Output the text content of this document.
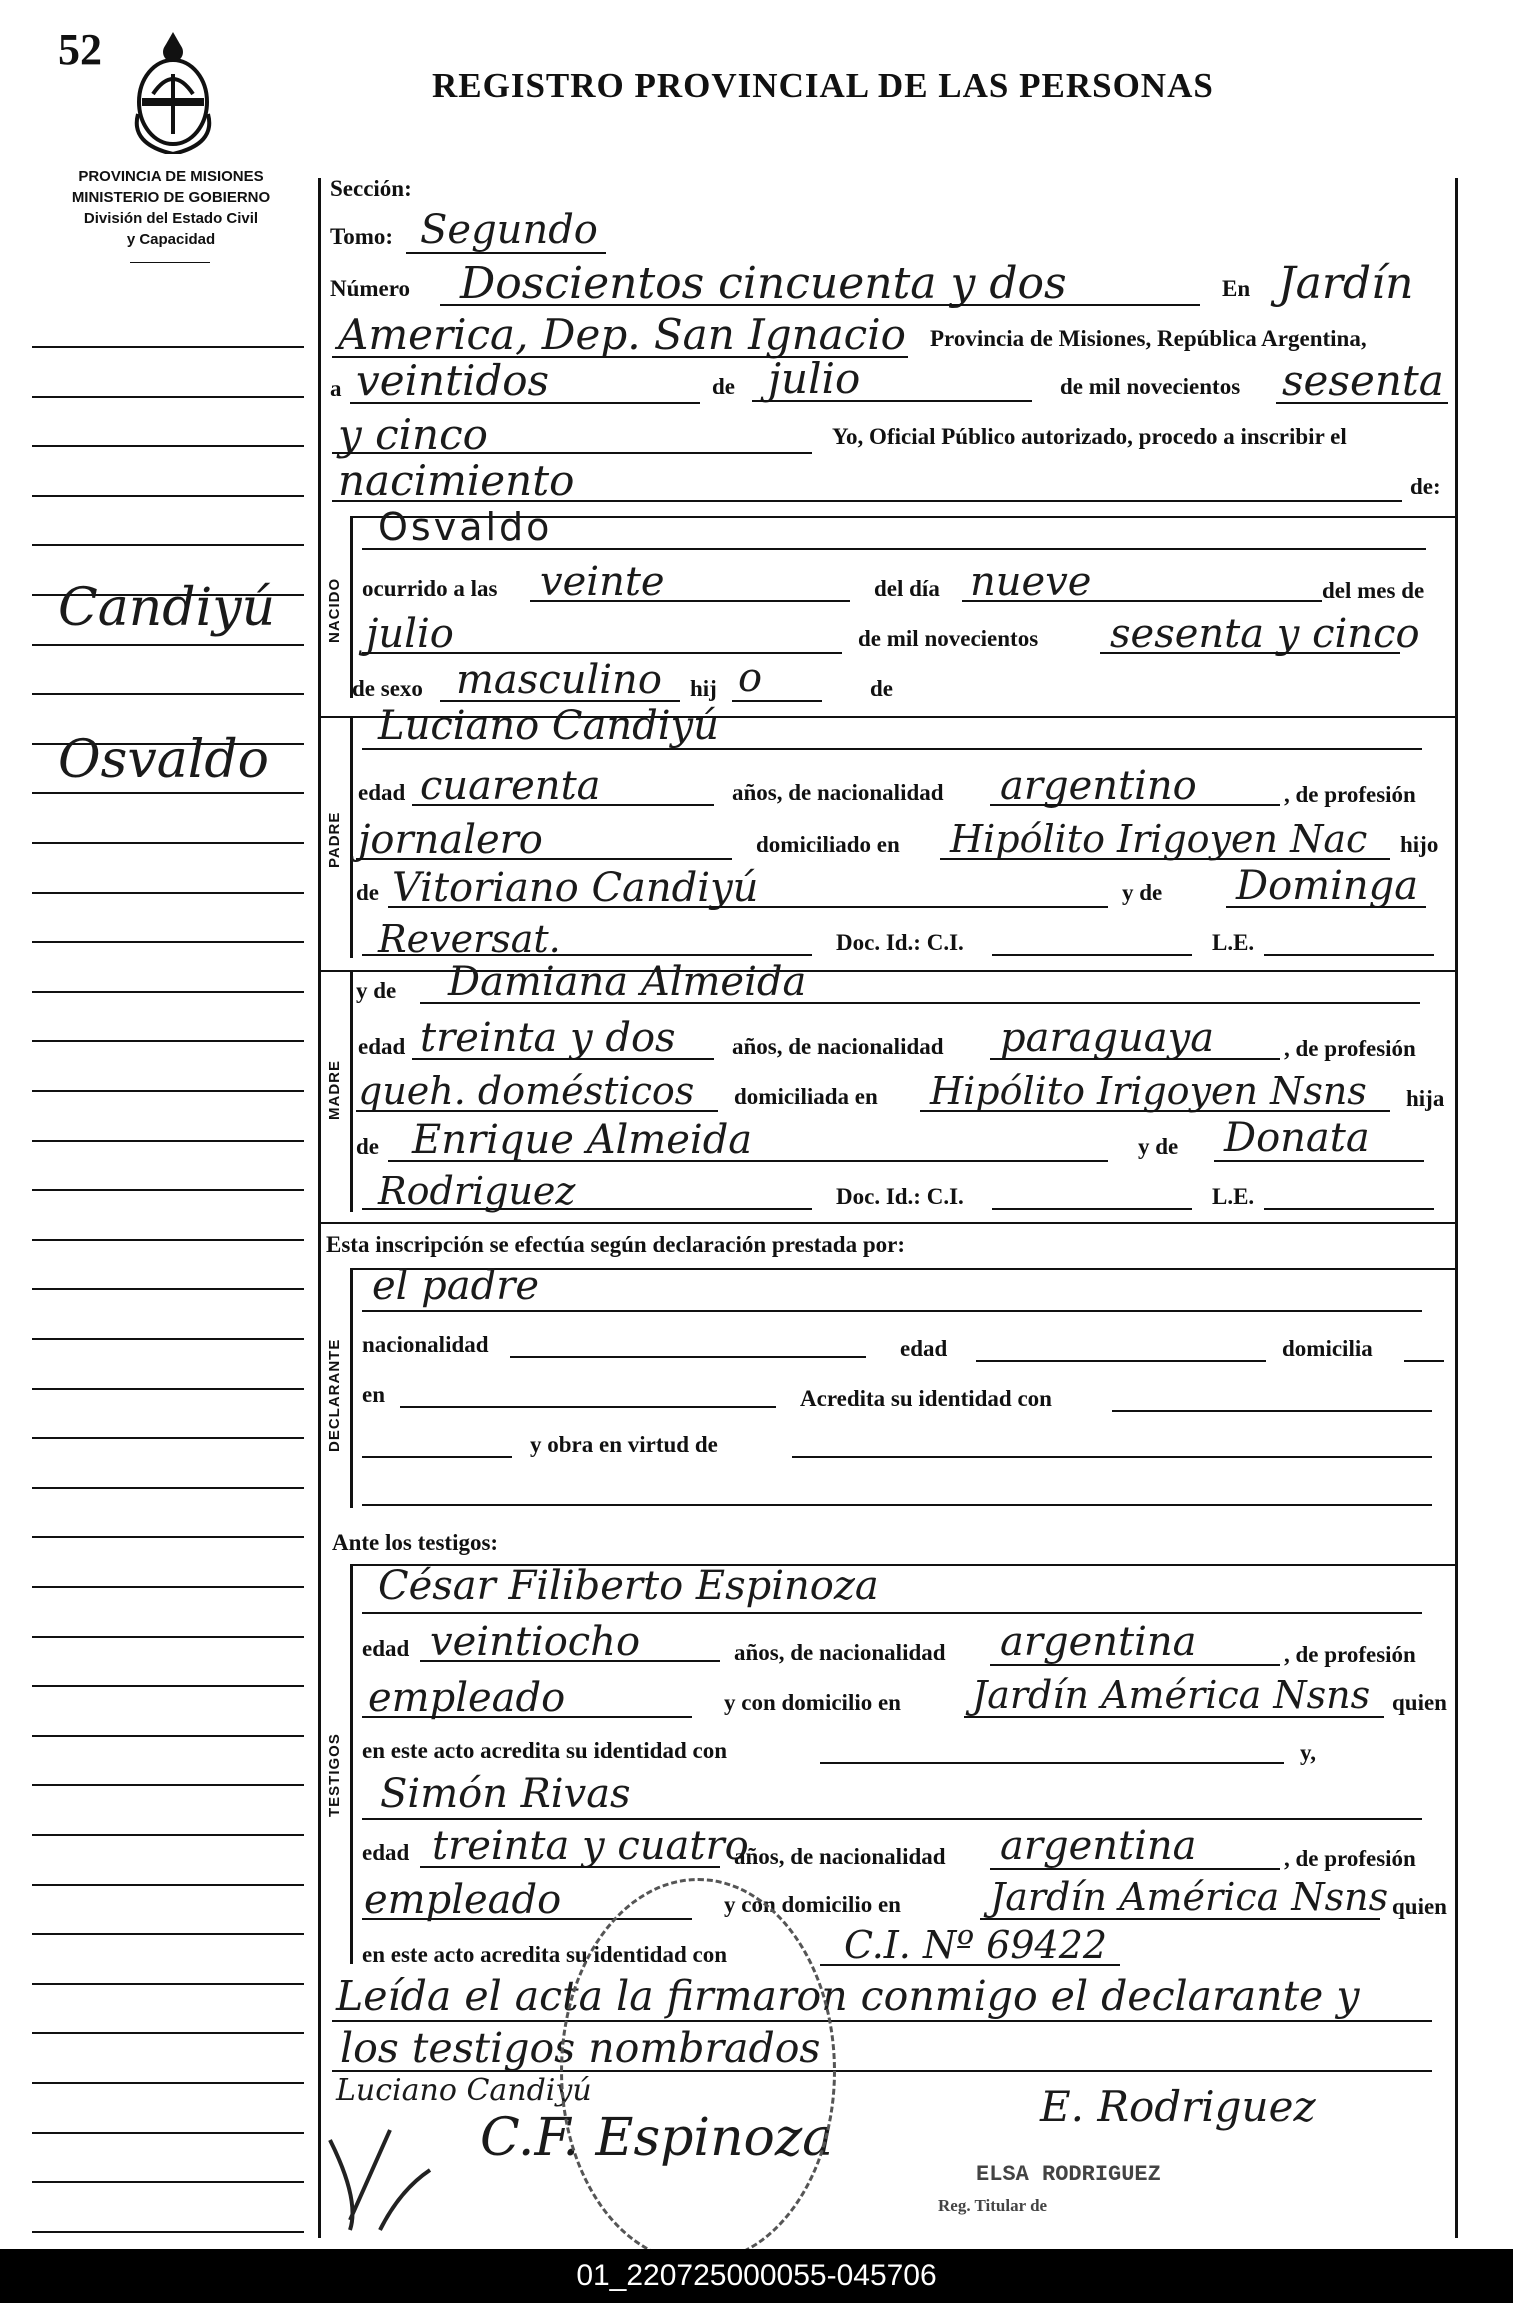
52
REGISTRO PROVINCIAL DE LAS PERSONAS
PROVINCIA DE MISIONES
MINISTERIO DE GOBIERNO
División del Estado Civil
y Capacidad
Candiyú
Osvaldo
Sección:
Tomo: Segundo
Número Doscientos cincuenta y dos	En Jardín
America, Dep. San Ignacio Provincia de Misiones, República Argentina,
a veintidos	de julio	de mil novecientos sesenta
y cinco	Yo, Oficial Público autorizado, procedo a inscribir el
nacimiento	de:
NACIDO
Osvaldo
ocurrido a las veinte	del día nueve	del mes de
julio	de mil novecientos sesenta y cinco
de sexo masculino hij o	de
PADRE
Luciano Candiyú
edad cuarenta	años, de nacionalidad argentino	, de profesión
jornalero	domiciliado en Hipólito Irigoyen Nac hijo
de Vitoriano Candiyú	y de Dominga
Reversat.	Doc. Id.: C.I.	L.E.
MADRE
y de Damiana Almeida
edad treinta y dos años, de nacionalidad paraguaya	, de profesión
queh. domésticos domiciliada en Hipólito Irigoyen Nsns hija
de Enrique Almeida	y de Donata
Rodriguez	Doc. Id.: C.I.	L.E.
Esta inscripción se efectúa según declaración prestada por:
DECLARANTE
el padre
nacionalidad	edad	domicilia
en	Acredita su identidad con
y obra en virtud de
Ante los testigos:
TESTIGOS
César Filiberto Espinoza
edad veintiocho	años, de nacionalidad argentina	, de profesión
empleado	y con domicilio en Jardín América Nsns quien
en este acto acredita su identidad con	y,
Simón Rivas
edad treinta y cuatro
años, de nacionalidad argentina	, de profesión
empleado	y con domicilio en Jardín América Nsns quien
en este acto acredita su identidad con	C.I. Nº 69422
Leída el acta la firmaron conmigo el declarante y
los testigos nombrados
Luciano Candiyú
C.F. Espinoza
E. Rodriguez
ELSA RODRIGUEZ
Reg. Titular de
01_220725000055-045706
